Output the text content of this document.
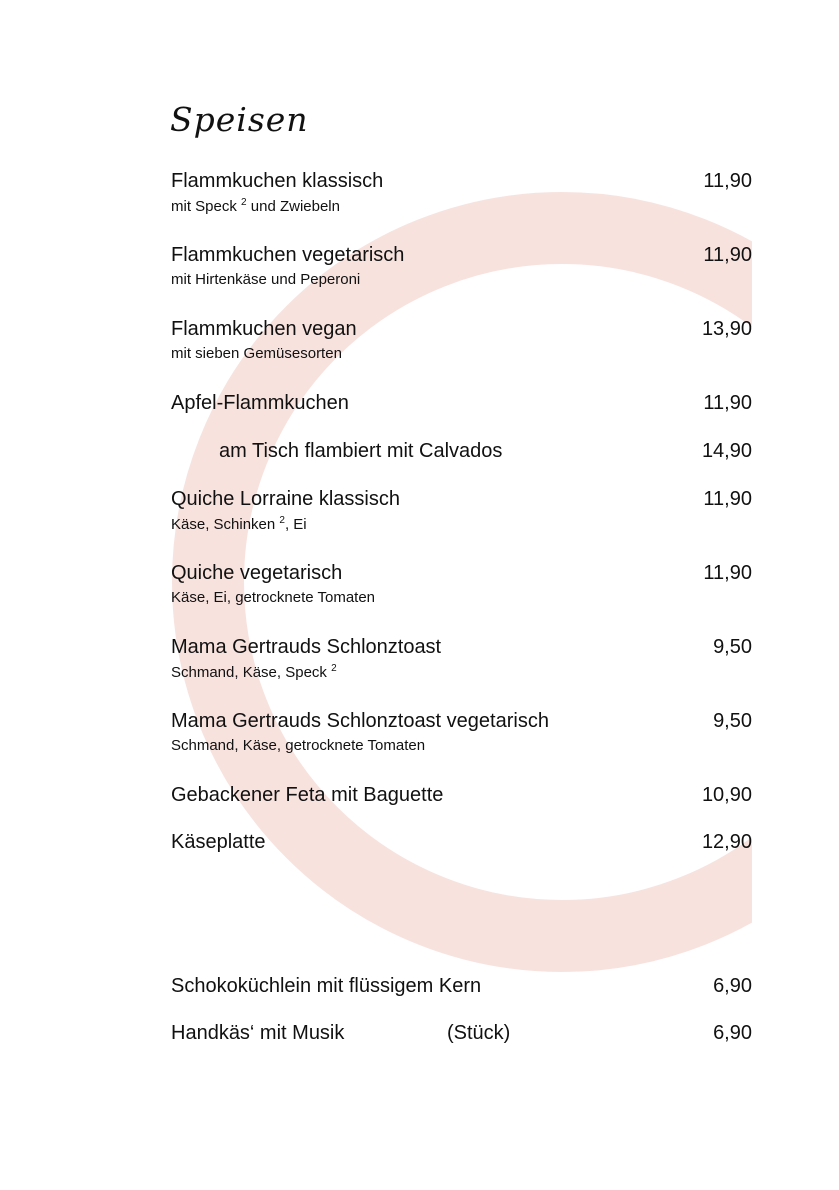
Speisen
Flammkuchen klassisch	11,90
mit Speck $^2$ und Zwiebeln
Flammkuchen vegetarisch	11,90
mit Hirtenkäse und Peperoni
Flammkuchen vegan	13,90
mit sieben Gemüsesorten
Apfel-Flammkuchen	11,90
am Tisch flambiert mit Calvados	14,90
Quiche Lorraine klassisch	11,90
Käse, Schinken $^2$, Ei
Quiche vegetarisch	11,90
Käse, Ei, getrocknete Tomaten
Mama Gertrauds Schlonztoast	9,50
Schmand, Käse, Speck $^2$
Mama Gertrauds Schlonztoast vegetarisch	9,50
Schmand, Käse, getrocknete Tomaten
Gebackener Feta mit Baguette	10,90
Käseplatte	12,90
Schokoküchlein mit flüssigem Kern	6,90
Handkäs‘ mit Musik	(Stück)	6,90
